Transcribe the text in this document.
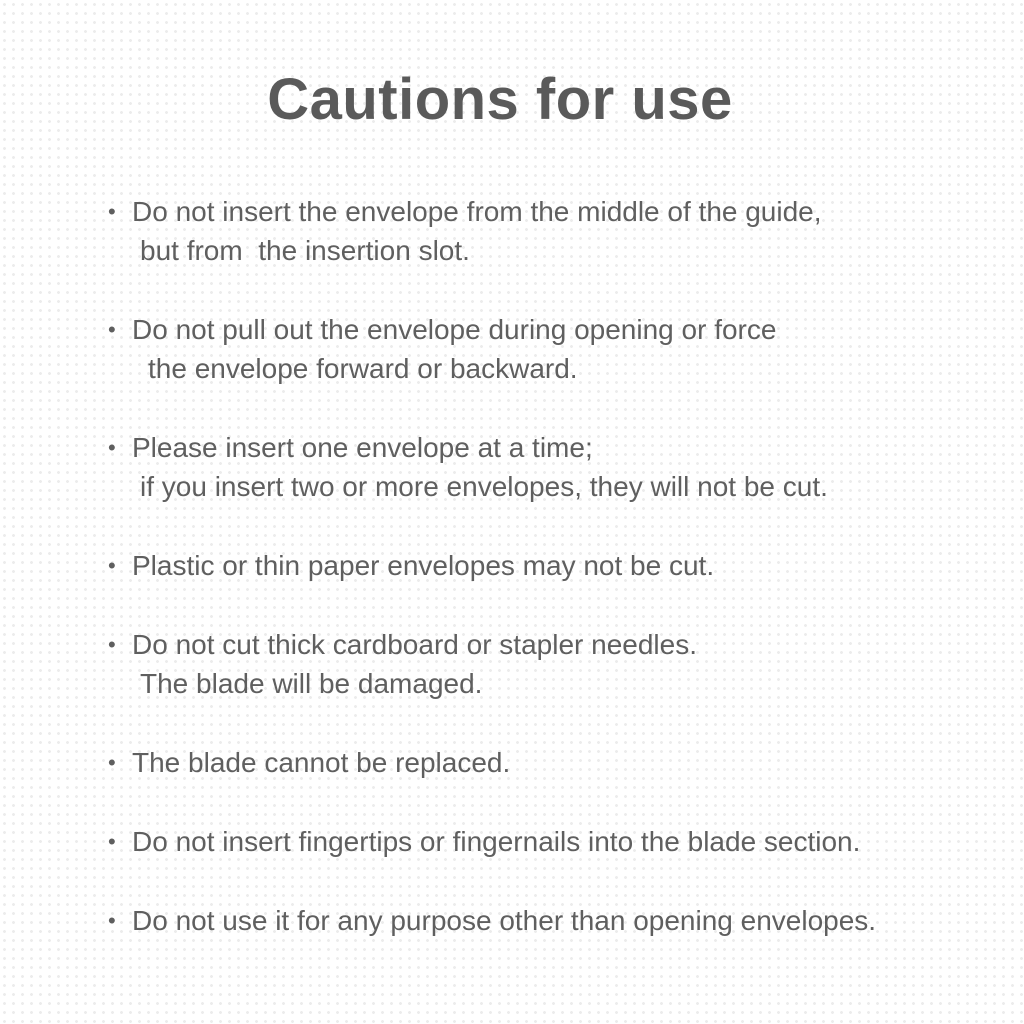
Cautions for use
• Do not insert the envelope from the middle of the guide,
but from  the insertion slot.
• Do not pull out the envelope during opening or force
the envelope forward or backward.
• Please insert one envelope at a time;
if you insert two or more envelopes, they will not be cut.
• Plastic or thin paper envelopes may not be cut.
• Do not cut thick cardboard or stapler needles.
The blade will be damaged.
• The blade cannot be replaced.
• Do not insert fingertips or fingernails into the blade section.
• Do not use it for any purpose other than opening envelopes.
